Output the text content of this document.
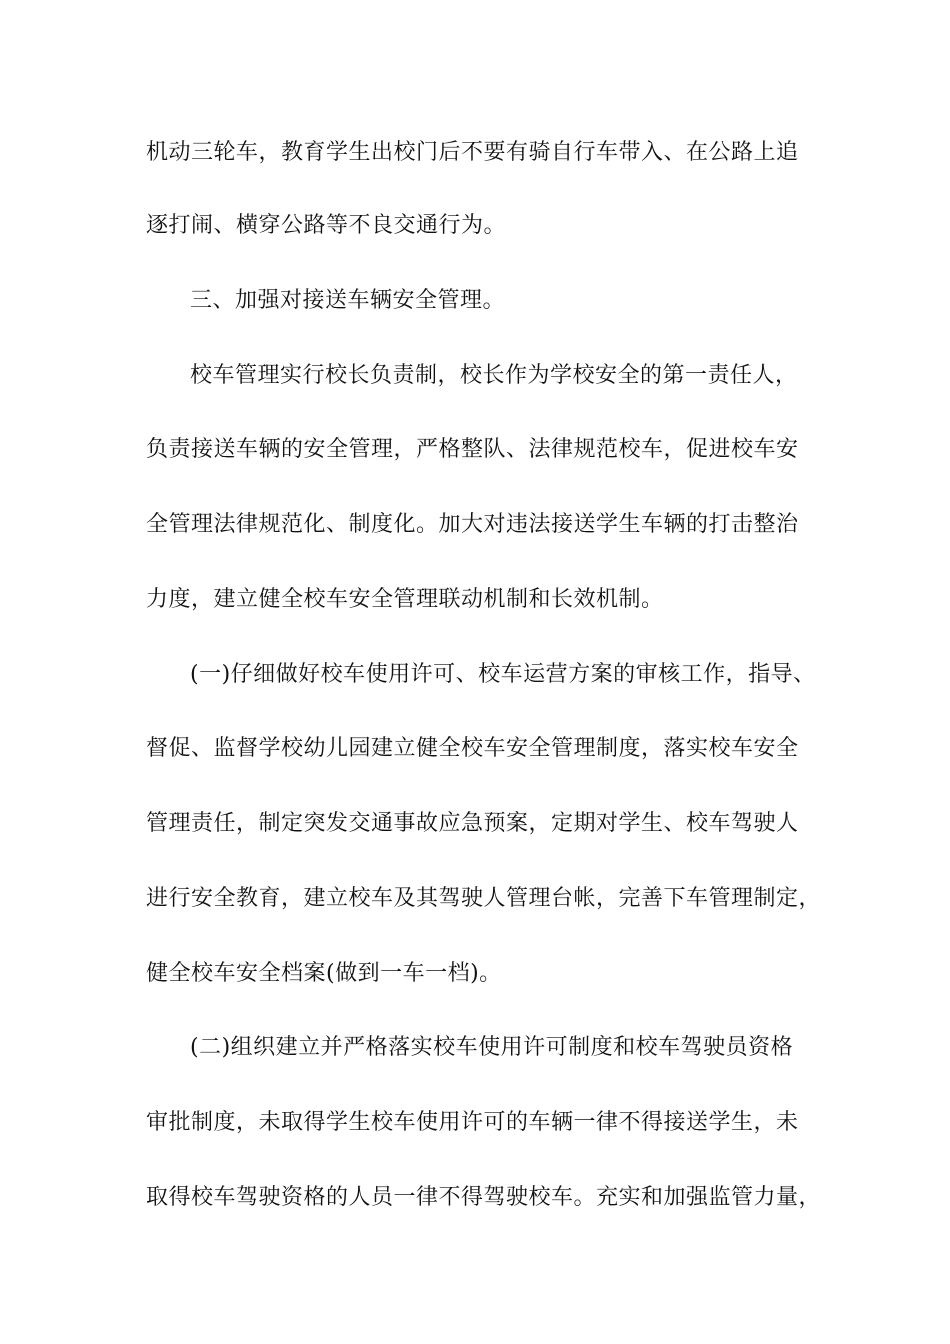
机动三轮车，教育学生出校门后不要有骑自行车带入、在公路上追
逐打闹、横穿公路等不良交通行为。
三、加强对接送车辆安全管理。
校车管理实行校长负责制，校长作为学校安全的第一责任人，
负责接送车辆的安全管理，严格整队、法律规范校车，促进校车安
全管理法律规范化、制度化。加大对违法接送学生车辆的打击整治
力度，建立健全校车安全管理联动机制和长效机制。
(一)仔细做好校车使用许可、校车运营方案的审核工作，指导、
督促、监督学校幼儿园建立健全校车安全管理制度，落实校车安全
管理责任，制定突发交通事故应急预案，定期对学生、校车驾驶人
进行安全教育，建立校车及其驾驶人管理台帐，完善下车管理制定，
健全校车安全档案(做到一车一档)。
(二)组织建立并严格落实校车使用许可制度和校车驾驶员资格
审批制度，未取得学生校车使用许可的车辆一律不得接送学生，未
取得校车驾驶资格的人员一律不得驾驶校车。充实和加强监管力量，
